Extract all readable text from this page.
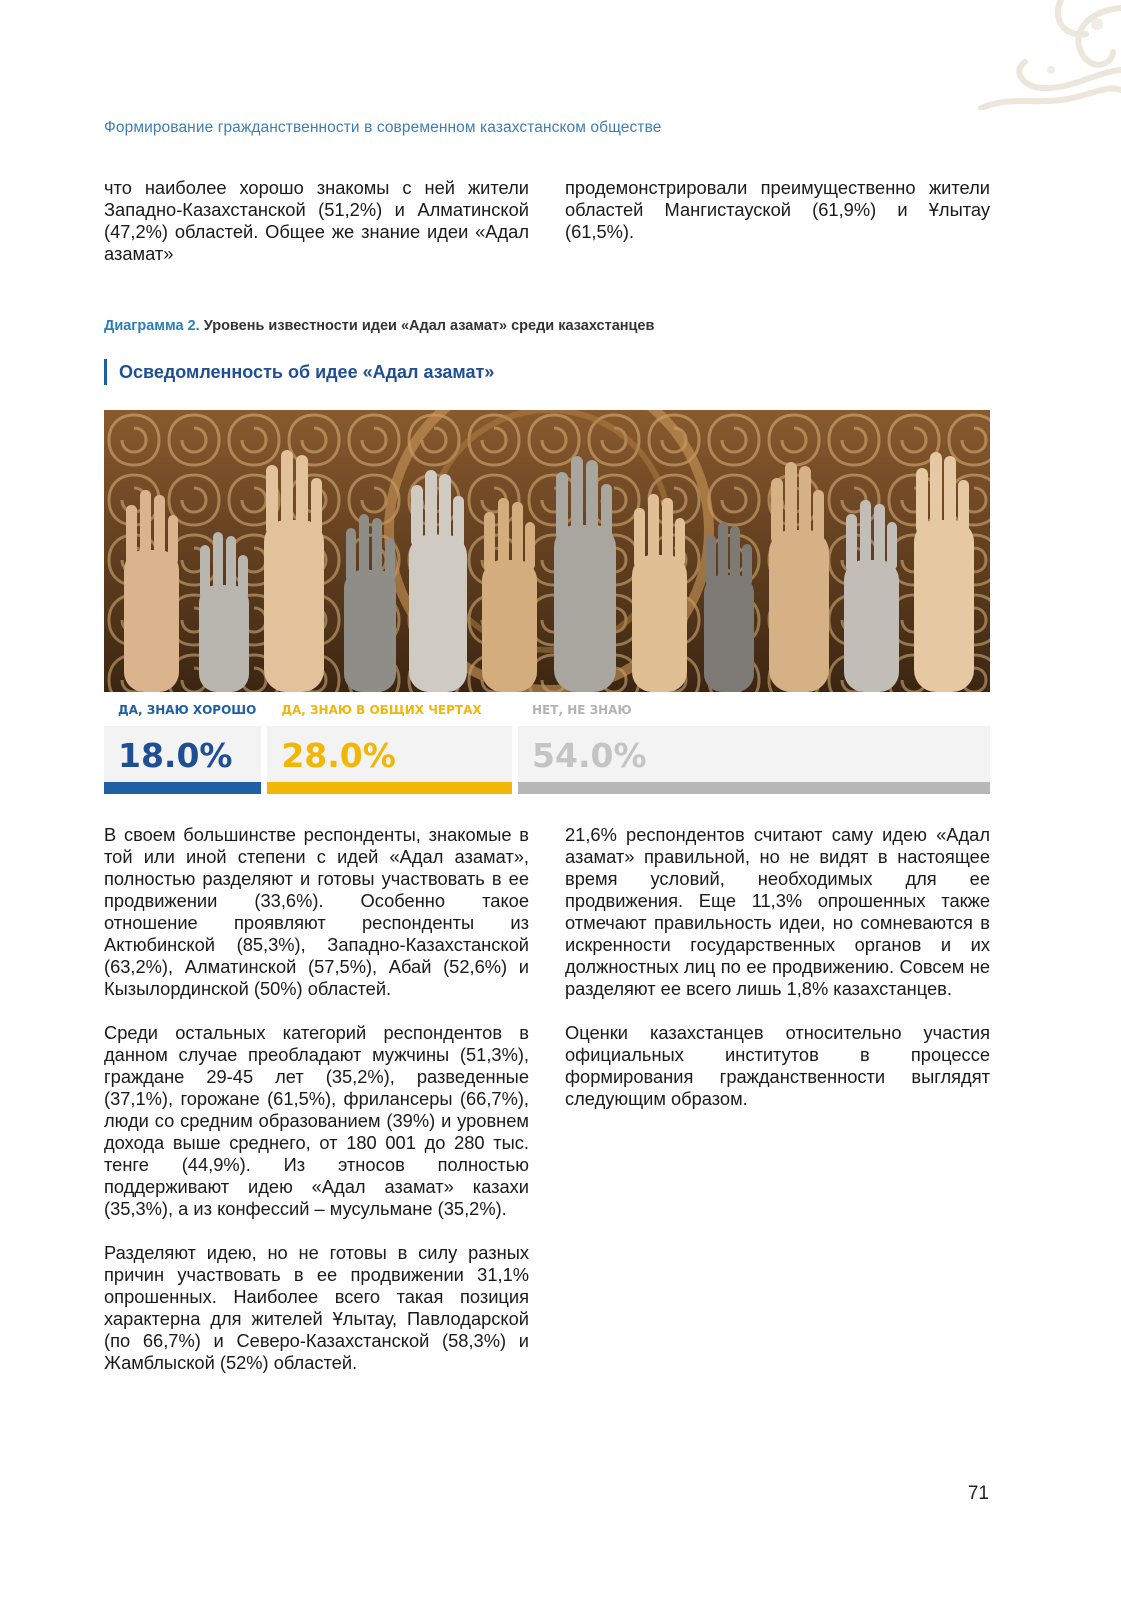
Формирование гражданственности в современном казахстанском обществе

что наиболее хорошо знакомы с ней жители Западно-Казахстанской (51,2%) и Алматинской (47,2%) областей. Общее же знание идеи «Адал азамат»

продемонстрировали преимущественно жители областей Мангистауской (61,9%) и Ұлытау (61,5%).

Диаграмма 2. Уровень известности идеи «Адал азамат» среди казахстанцев
Осведомленность об идее «Адал азамат»
ДА, ЗНАЮ ХОРОШО ДА, ЗНАЮ В ОБЩИХ ЧЕРТАХ	НЕТ, НЕ ЗНАЮ
18.0% 28.0%	54.0%

В своем большинстве респонденты, знакомые в той или иной степени с идей «Адал азамат», полностью разделяют и готовы участвовать в ее продвижении (33,6%). Особенно такое отношение проявляют респонденты из Актюбинской (85,3%), Западно-Казахстанской (63,2%), Алматинской (57,5%), Абай (52,6%) и Кызылординской (50%) областей.

Среди остальных категорий респондентов в данном случае преобладают мужчины (51,3%), граждане 29-45 лет (35,2%), разведенные (37,1%), горожане (61,5%), фрилансеры (66,7%), люди со средним образованием (39%) и уровнем дохода выше среднего, от 180 001 до 280 тыс. тенге (44,9%). Из этносов полностью поддерживают идею «Адал азамат» казахи (35,3%), а из конфессий – мусульмане (35,2%).

Разделяют идею, но не готовы в силу разных причин участвовать в ее продвижении 31,1% опрошенных. Наиболее всего такая позиция характерна для жителей Ұлытау, Павлодарской (по 66,7%) и Северо-Казахстанской (58,3%) и Жамблыской (52%) областей.

21,6% респондентов считают саму идею «Адал азамат» правильной, но не видят в настоящее время условий, необходимых для ее продвижения. Еще 11,3% опрошенных также отмечают правильность идеи, но сомневаются в искренности государственных органов и их должностных лиц по ее продвижению. Совсем не разделяют ее всего лишь 1,8% казахстанцев.

Оценки казахстанцев относительно участия официальных институтов в процессе формирования гражданственности выглядят следующим образом.

71
